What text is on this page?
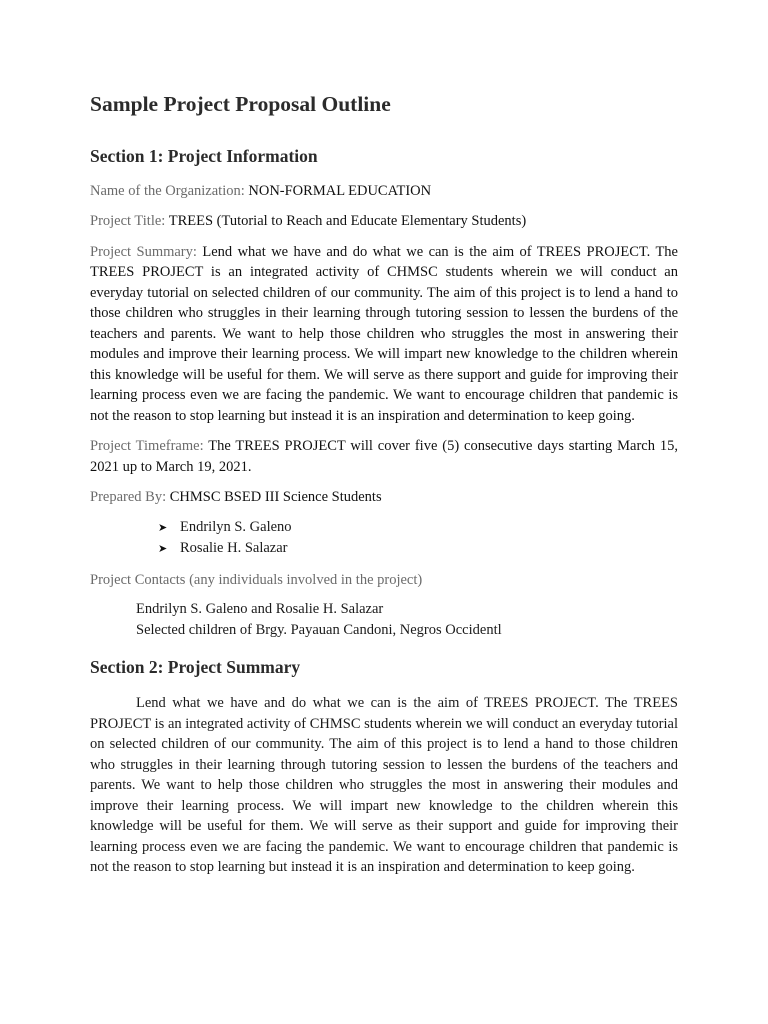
Sample Project Proposal Outline
Section 1: Project Information

Name of the Organization: NON-FORMAL EDUCATION

Project Title: TREES (Tutorial to Reach and Educate Elementary Students)

Project Summary: Lend what we have and do what we can is the aim of TREES PROJECT. The TREES PROJECT is an integrated activity of CHMSC students wherein we will conduct an everyday tutorial on selected children of our community. The aim of this project is to lend a hand to those children who struggles in their learning through tutoring session to lessen the burdens of the teachers and parents. We want to help those children who struggles the most in answering their modules and improve their learning process. We will impart new knowledge to the children wherein this knowledge will be useful for them. We will serve as there support and guide for improving their learning process even we are facing the pandemic. We want to encourage children that pandemic is not the reason to stop learning but instead it is an inspiration and determination to keep going.

Project Timeframe: The TREES PROJECT will cover five (5) consecutive days starting March 15, 2021 up to March 19, 2021.

Prepared By: CHMSC BSED III Science Students

➤ Endrilyn S. Galeno
➤ Rosalie H. Salazar

Project Contacts (any individuals involved in the project)

Endrilyn S. Galeno and Rosalie H. Salazar
Selected children of Brgy. Payauan Candoni, Negros Occidentl
Section 2: Project Summary

Lend what we have and do what we can is the aim of TREES PROJECT. The TREES PROJECT is an integrated activity of CHMSC students wherein we will conduct an everyday tutorial on selected children of our community. The aim of this project is to lend a hand to those children who struggles in their learning through tutoring session to lessen the burdens of the teachers and parents. We want to help those children who struggles the most in answering their modules and improve their learning process. We will impart new knowledge to the children wherein this knowledge will be useful for them. We will serve as their support and guide for improving their learning process even we are facing the pandemic. We want to encourage children that pandemic is not the reason to stop learning but instead it is an inspiration and determination to keep going.
